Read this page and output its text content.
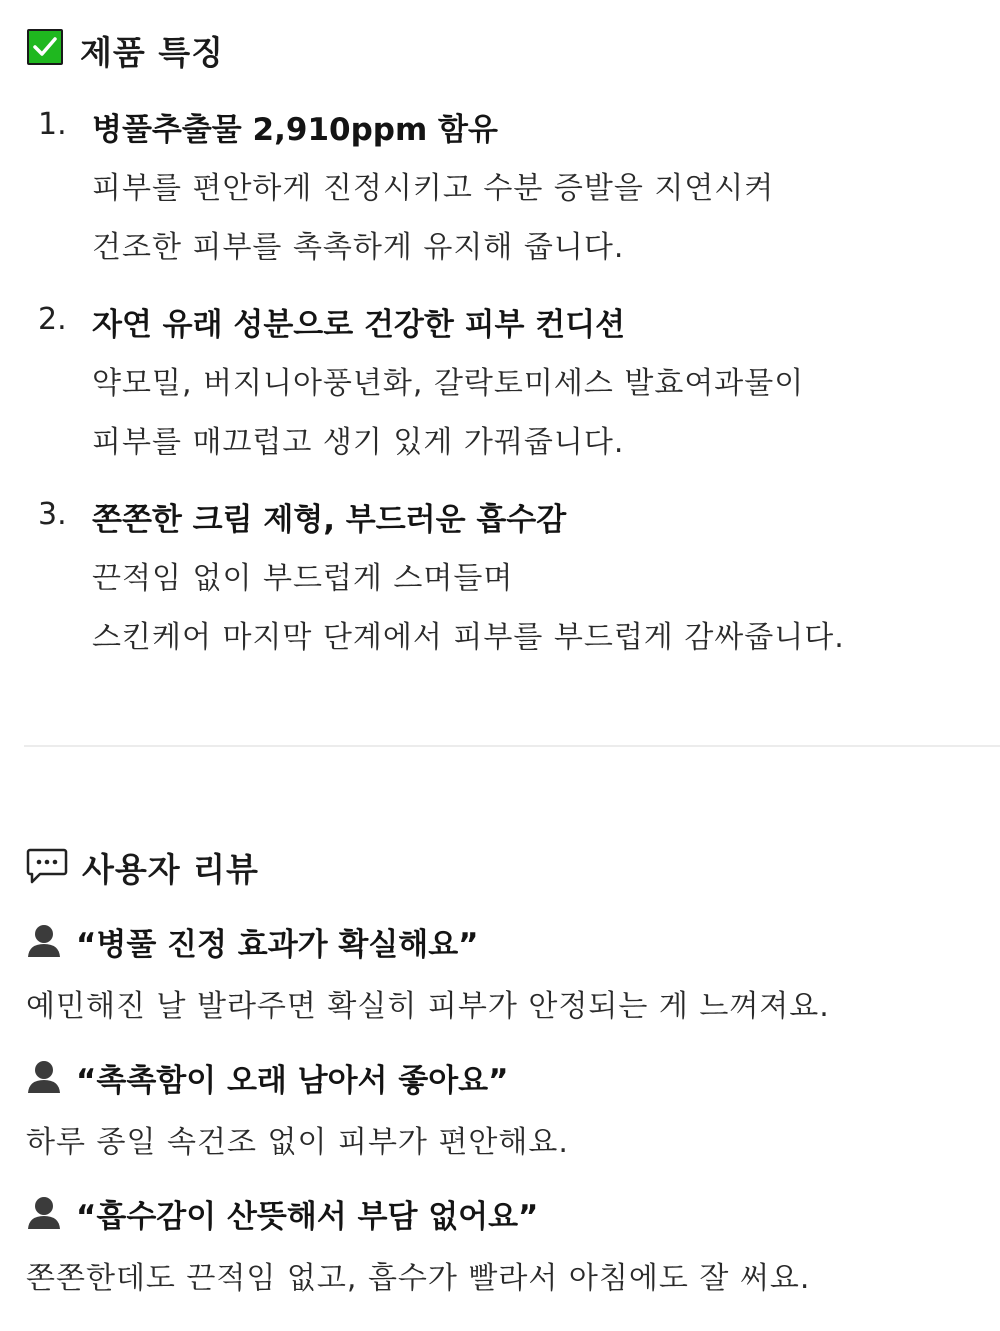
제품 특징
1. 병풀추출물 2,910ppm 함유
피부를 편안하게 진정시키고 수분 증발을 지연시켜
건조한 피부를 촉촉하게 유지해 줍니다.
2. 자연 유래 성분으로 건강한 피부 컨디션
약모밀, 버지니아풍년화, 갈락토미세스 발효여과물이
피부를 매끄럽고 생기 있게 가꿔줍니다.
3. 쫀쫀한 크림 제형, 부드러운 흡수감
끈적임 없이 부드럽게 스며들며
스킨케어 마지막 단계에서 피부를 부드럽게 감싸줍니다.
사용자 리뷰
“병풀 진정 효과가 확실해요”
예민해진 날 발라주면 확실히 피부가 안정되는 게 느껴져요.
“촉촉함이 오래 남아서 좋아요”
하루 종일 속건조 없이 피부가 편안해요.
“흡수감이 산뜻해서 부담 없어요”
쫀쫀한데도 끈적임 없고, 흡수가 빨라서 아침에도 잘 써요.
